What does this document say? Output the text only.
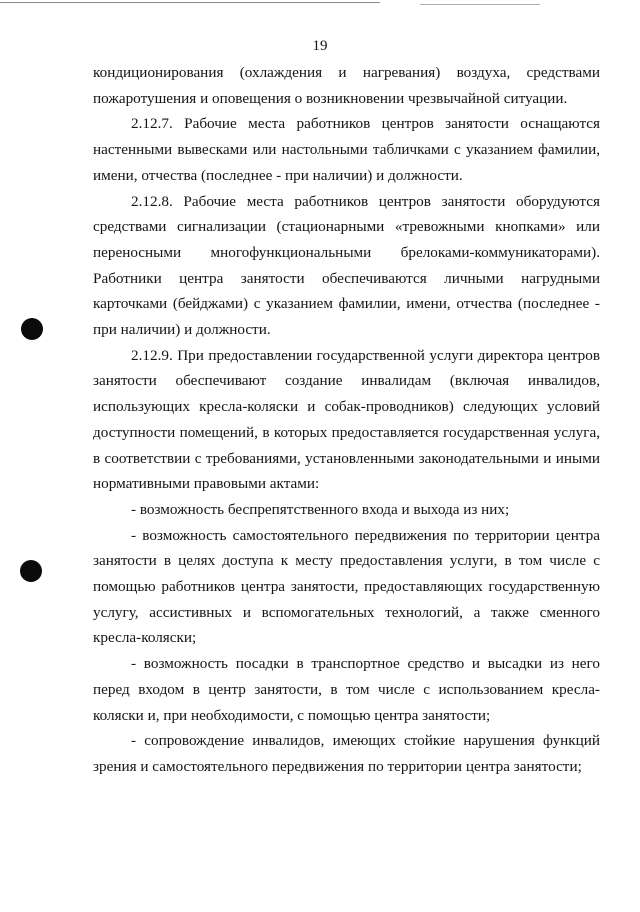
19

кондиционирования (охлаждения и нагревания) воздуха, средствами пожаротушения и оповещения о возникновении чрезвычайной ситуации.

2.12.7. Рабочие места работников центров занятости оснащаются настенными вывесками или настольными табличками с указанием фамилии, имени, отчества (последнее - при наличии) и должности.

2.12.8. Рабочие места работников центров занятости оборудуются средствами сигнализации (стационарными «тревожными кнопками» или переносными многофункциональными брелоками-коммуникаторами). Работники центра занятости обеспечиваются личными нагрудными карточками (бейджами) с указанием фамилии, имени, отчества (последнее - при наличии) и должности.

2.12.9. При предоставлении государственной услуги директора центров занятости обеспечивают создание инвалидам (включая инвалидов, использующих кресла-коляски и собак-проводников) следующих условий доступности помещений, в которых предоставляется государственная услуга, в соответствии с требованиями, установленными законодательными и иными нормативными правовыми актами:

- возможность беспрепятственного входа и выхода из них;

- возможность самостоятельного передвижения по территории центра занятости в целях доступа к месту предоставления услуги, в том числе с помощью работников центра занятости, предоставляющих государственную услугу, ассистивных и вспомогательных технологий, а также сменного кресла-коляски;

- возможность посадки в транспортное средство и высадки из него перед входом в центр занятости, в том числе с использованием кресла-коляски и, при необходимости, с помощью центра занятости;

- сопровождение инвалидов, имеющих стойкие нарушения функций зрения и самостоятельного передвижения по территории центра занятости;
